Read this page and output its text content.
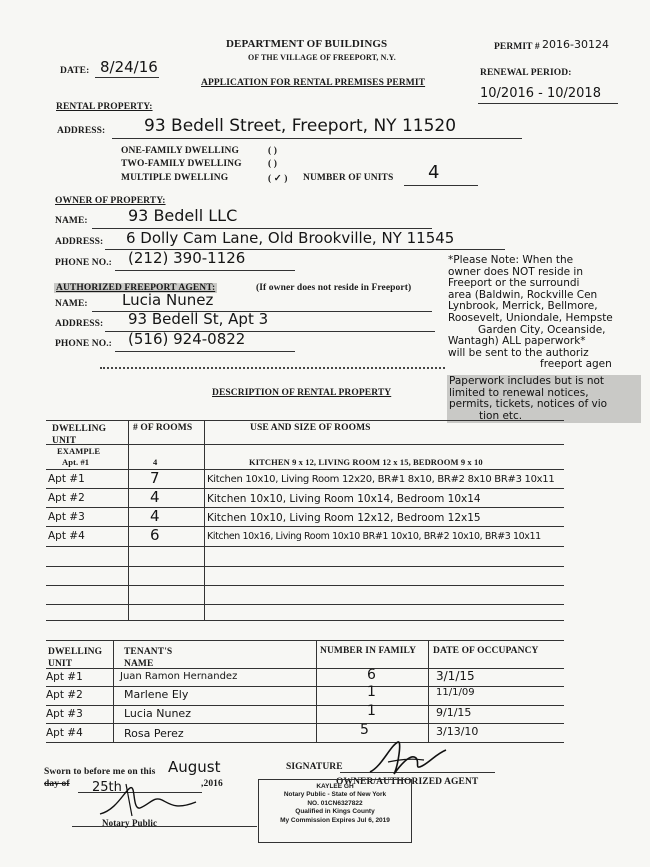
DEPARTMENT OF BUILDINGS
OF THE VILLAGE OF FREEPORT, N.Y.
APPLICATION FOR RENTAL PREMISES PERMIT
DATE: 8/24/16
PERMIT # 2016-30124
RENEWAL PERIOD:
10/2016 - 10/2018
RENTAL PROPERTY:
ADDRESS: 93 Bedell Street, Freeport, NY 11520
ONE-FAMILY DWELLING	( )
TWO-FAMILY DWELLING	( )
MULTIPLE DWELLING	( ✓ ) NUMBER OF UNITS 4
OWNER OF PROPERTY:
NAME:	93 Bedell LLC
ADDRESS: 6 Dolly Cam Lane, Old Brookville, NY 11545
PHONE NO.: (212) 390-1126
AUTHORIZED FREEPORT AGENT:	(If owner does not reside in Freeport)
NAME: Lucia Nunez
ADDRESS: 93 Bedell St, Apt 3
PHONE NO.: (516) 924-0822
*Please Note: When the
owner does NOT reside in
Freeport or the surroundi
area (Baldwin, Rockville Cen
Lynbrook, Merrick, Bellmore,
Roosevelt, Uniondale, Hempste
Garden City, Oceanside,
Wantagh) ALL paperwork*
will be sent to the authoriz
freeport agen
Paperwork includes but is not
limited to renewal notices,
permits, tickets, notices of vio
tion etc.
DESCRIPTION OF RENTAL PROPERTY
DWELLING UNIT
# OF ROOMS	USE AND SIZE OF ROOMS
EXAMPLE
Apt. #1	4	KITCHEN 9 x 12, LIVING ROOM 12 x 15, BEDROOM 9 x 10
Apt #1	7	Kitchen 10x10, Living Room 12x20, BR#1 8x10, BR#2 8x10 BR#3 10x11
Apt #2	4	Kitchen 10x10, Living Room 10x14, Bedroom 10x14
Apt #3	4	Kitchen 10x10, Living Room 12x12, Bedroom 12x15
Apt #4	6	Kitchen 10x16, Living Room 10x10 BR#1 10x10, BR#2 10x10, BR#3 10x11
DWELLING UNIT
TENANT'S NAME
NUMBER IN FAMILY DATE OF OCCUPANCY
Apt #1	Juan Ramon Hernandez	6	3/1/15
Apt #2	Marlene Ely	1	11/1/09
Apt #3	Lucia Nunez	1	9/1/15
Apt #4	Rosa Perez	5	3/13/10
Sworn to before me on this August
day of 25th	,2016
SIGNATURE
OWNER/AUTHORIZED AGENT
Notary Public
KAYLEE GH
Notary Public - State of New York
NO. 01CN6327822
Qualified in Kings County
My Commission Expires Jul 6, 2019
